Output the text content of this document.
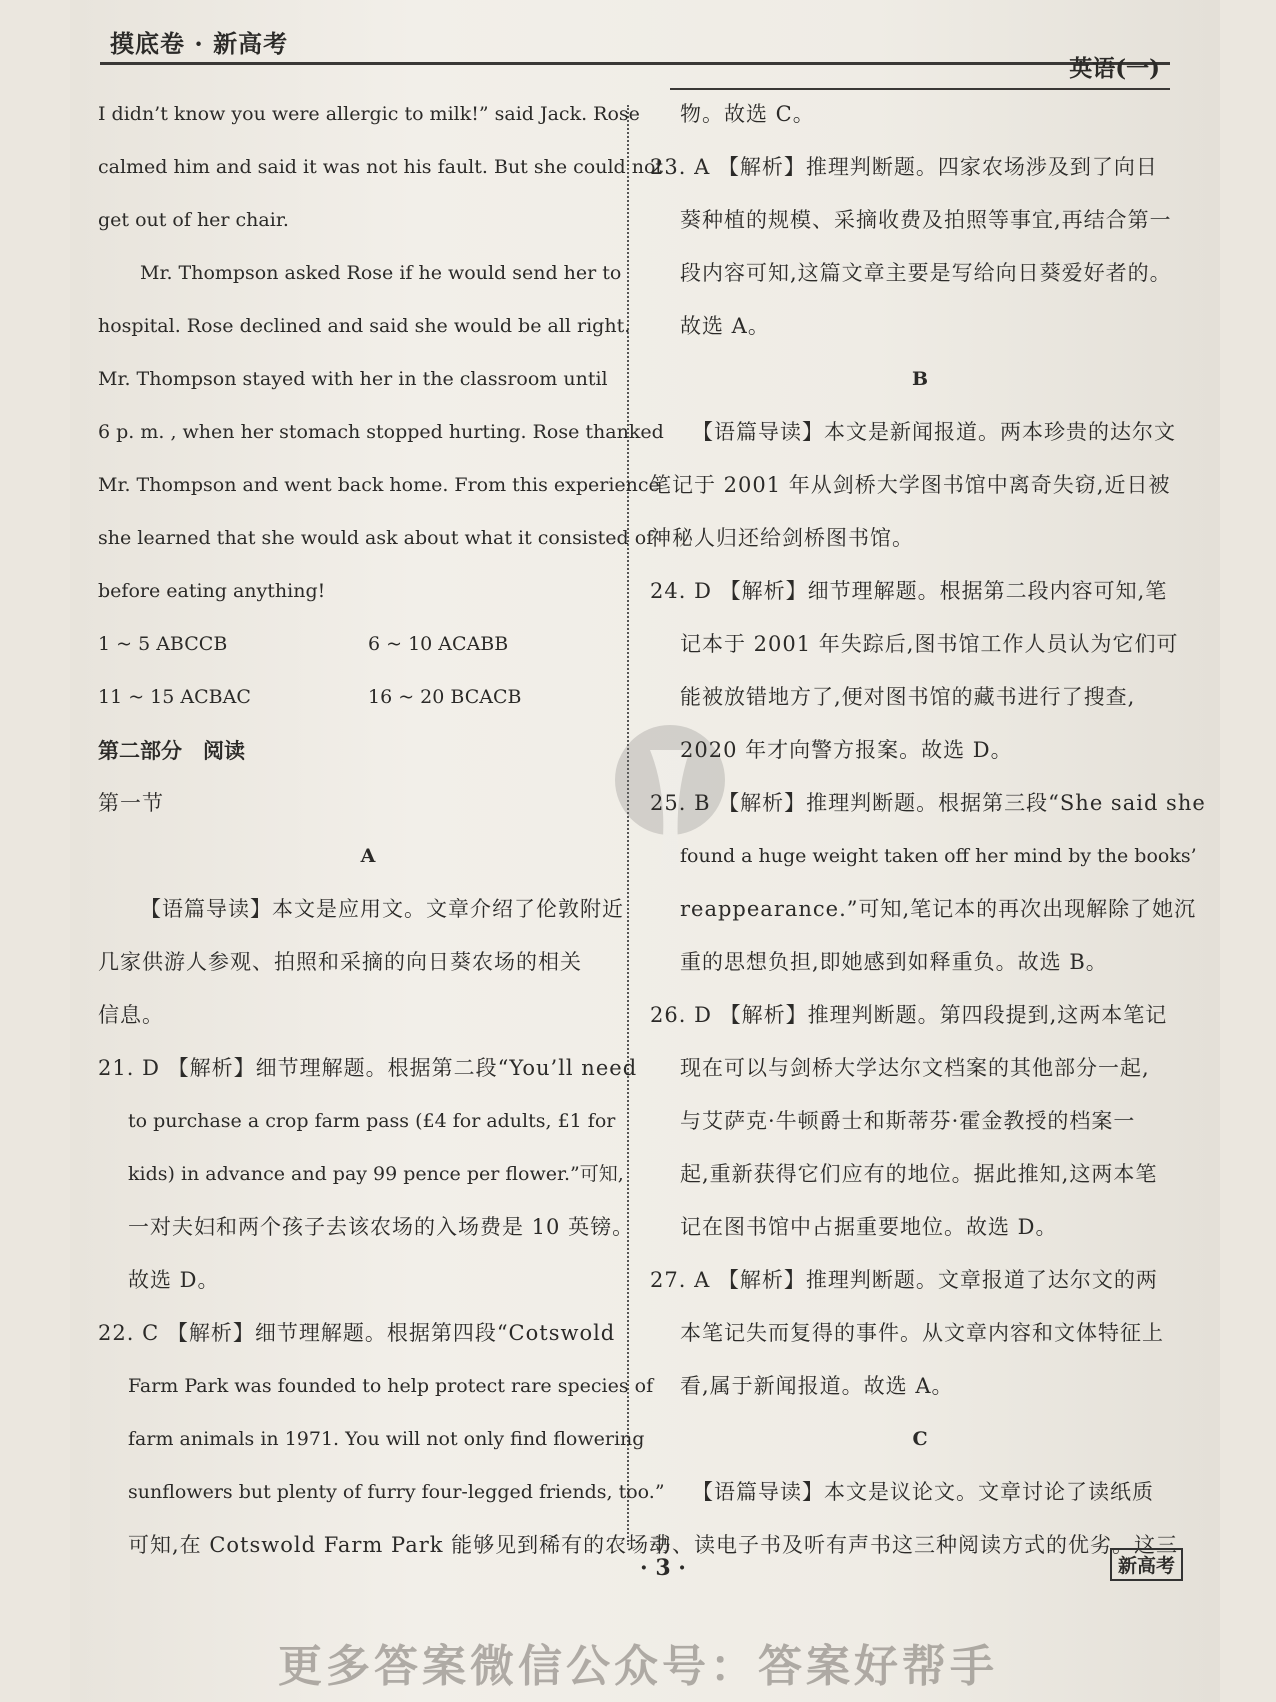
摸底卷 · 新高考
英语(一)
I didn’t know you were allergic to milk!” said Jack. Rose
calmed him and said it was not his fault. But she could not
get out of her chair.
Mr. Thompson asked Rose if he would send her to
hospital. Rose declined and said she would be all right.
Mr. Thompson stayed with her in the classroom until
6 p. m. , when her stomach stopped hurting. Rose thanked
Mr. Thompson and went back home. From this experience
she learned that she would ask about what it consisted of
before eating anything!
1 ~ 5 ABCCB	6 ~ 10 ACABB
11 ~ 15 ACBAC	16 ~ 20 BCACB
第二部分　阅读
第一节
A
【语篇导读】本文是应用文。文章介绍了伦敦附近
几家供游人参观、拍照和采摘的向日葵农场的相关
信息。
21. D 【解析】细节理解题。根据第二段“You’ll need
to purchase a crop farm pass (£4 for adults, £1 for
kids) in advance and pay 99 pence per flower.”可知,
一对夫妇和两个孩子去该农场的入场费是 10 英镑。
故选 D。
22. C 【解析】细节理解题。根据第四段“Cotswold
Farm Park was founded to help protect rare species of
farm animals in 1971. You will not only find flowering
sunflowers but plenty of furry four-legged friends, too.”
可知,在 Cotswold Farm Park 能够见到稀有的农场动
物。故选 C。
23. A 【解析】推理判断题。四家农场涉及到了向日
葵种植的规模、采摘收费及拍照等事宜,再结合第一
段内容可知,这篇文章主要是写给向日葵爱好者的。
故选 A。
B
【语篇导读】本文是新闻报道。两本珍贵的达尔文
笔记于 2001 年从剑桥大学图书馆中离奇失窃,近日被
神秘人归还给剑桥图书馆。
24. D 【解析】细节理解题。根据第二段内容可知,笔
记本于 2001 年失踪后,图书馆工作人员认为它们可
能被放错地方了,便对图书馆的藏书进行了搜查,
2020 年才向警方报案。故选 D。
25. B 【解析】推理判断题。根据第三段“She said she
found a huge weight taken off her mind by the books’
reappearance.”可知,笔记本的再次出现解除了她沉
重的思想负担,即她感到如释重负。故选 B。
26. D 【解析】推理判断题。第四段提到,这两本笔记
现在可以与剑桥大学达尔文档案的其他部分一起,
与艾萨克·牛顿爵士和斯蒂芬·霍金教授的档案一
起,重新获得它们应有的地位。据此推知,这两本笔
记在图书馆中占据重要地位。故选 D。
27. A 【解析】推理判断题。文章报道了达尔文的两
本笔记失而复得的事件。从文章内容和文体特征上
看,属于新闻报道。故选 A。
C
【语篇导读】本文是议论文。文章讨论了读纸质
书、读电子书及听有声书这三种阅读方式的优劣。这三
· 3 ·	新高考
更多答案微信公众号：答案好帮手
